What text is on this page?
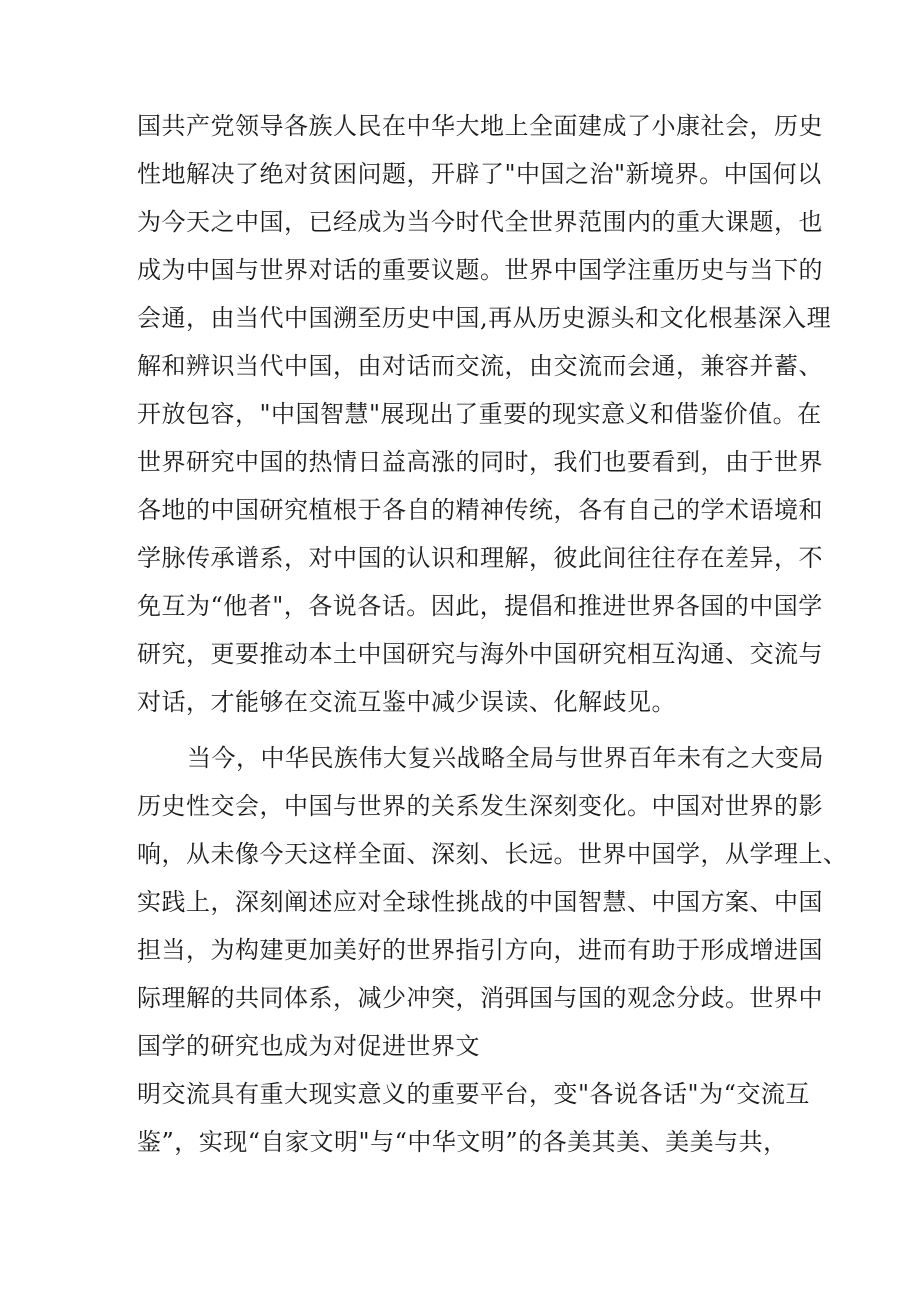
国共产党领导各族人民在中华大地上全面建成了小康社会，历史

性地解决了绝对贫困问题，开辟了"中国之治"新境界。中国何以

为今天之中国，已经成为当今时代全世界范围内的重大课题，也

成为中国与世界对话的重要议题。世界中国学注重历史与当下的

会通，由当代中国溯至历史中国,再从历史源头和文化根基深入理

解和辨识当代中国，由对话而交流，由交流而会通，兼容并蓄、

开放包容，"中国智慧"展现出了重要的现实意义和借鉴价值。在

世界研究中国的热情日益高涨的同时，我们也要看到，由于世界

各地的中国研究植根于各自的精神传统，各有自己的学术语境和

学脉传承谱系，对中国的认识和理解，彼此间往往存在差异，不

免互为“他者"，各说各话。因此，提倡和推进世界各国的中国学

研究，更要推动本土中国研究与海外中国研究相互沟通、交流与

对话，才能够在交流互鉴中减少误读、化解歧见。

当今，中华民族伟大复兴战略全局与世界百年未有之大变局

历史性交会，中国与世界的关系发生深刻变化。中国对世界的影

响，从未像今天这样全面、深刻、长远。世界中国学，从学理上、

实践上，深刻阐述应对全球性挑战的中国智慧、中国方案、中国

担当，为构建更加美好的世界指引方向，进而有助于形成增进国

际理解的共同体系，减少冲突，消弭国与国的观念分歧。世界中

国学的研究也成为对促进世界文

明交流具有重大现实意义的重要平台，变"各说各话"为“交流互

鉴”，实现“自家文明"与“中华文明”的各美其美、美美与共，
